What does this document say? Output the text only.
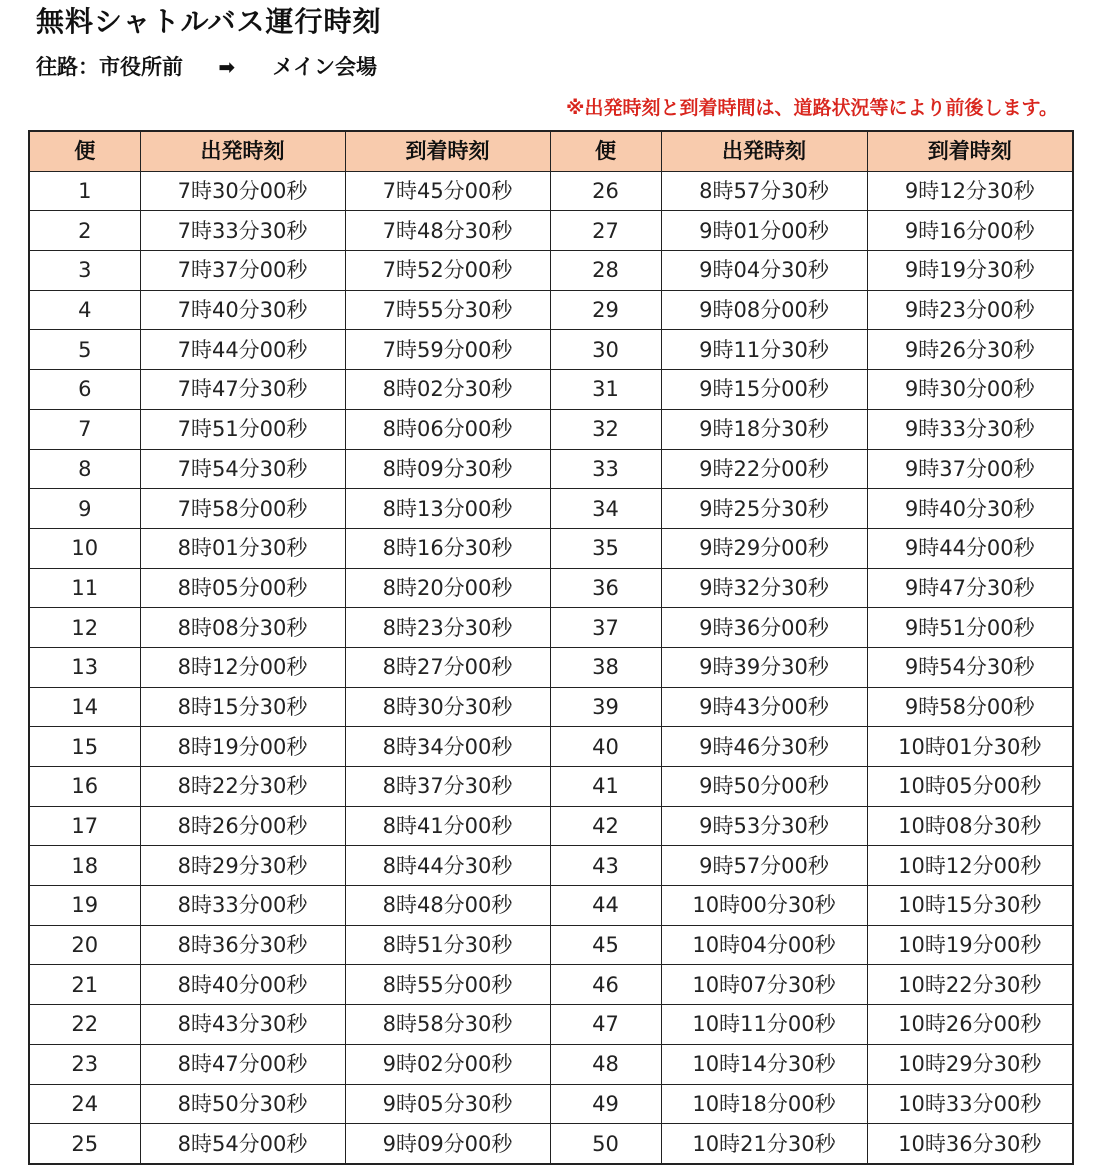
無料シャトルバス運行時刻
往路：市役所前 ➡ メイン会場
※出発時刻と到着時間は、道路状況等により前後します。
便	出発時刻	到着時刻	便	出発時刻	到着時刻
1	7時30分00秒	7時45分00秒	26	8時57分30秒	9時12分30秒
2	7時33分30秒	7時48分30秒	27	9時01分00秒	9時16分00秒
3	7時37分00秒	7時52分00秒	28	9時04分30秒	9時19分30秒
4	7時40分30秒	7時55分30秒	29	9時08分00秒	9時23分00秒
5	7時44分00秒	7時59分00秒	30	9時11分30秒	9時26分30秒
6	7時47分30秒	8時02分30秒	31	9時15分00秒	9時30分00秒
7	7時51分00秒	8時06分00秒	32	9時18分30秒	9時33分30秒
8	7時54分30秒	8時09分30秒	33	9時22分00秒	9時37分00秒
9	7時58分00秒	8時13分00秒	34	9時25分30秒	9時40分30秒
10	8時01分30秒	8時16分30秒	35	9時29分00秒	9時44分00秒
11	8時05分00秒	8時20分00秒	36	9時32分30秒	9時47分30秒
12	8時08分30秒	8時23分30秒	37	9時36分00秒	9時51分00秒
13	8時12分00秒	8時27分00秒	38	9時39分30秒	9時54分30秒
14	8時15分30秒	8時30分30秒	39	9時43分00秒	9時58分00秒
15	8時19分00秒	8時34分00秒	40	9時46分30秒	10時01分30秒
16	8時22分30秒	8時37分30秒	41	9時50分00秒	10時05分00秒
17	8時26分00秒	8時41分00秒	42	9時53分30秒	10時08分30秒
18	8時29分30秒	8時44分30秒	43	9時57分00秒	10時12分00秒
19	8時33分00秒	8時48分00秒	44	10時00分30秒	10時15分30秒
20	8時36分30秒	8時51分30秒	45	10時04分00秒	10時19分00秒
21	8時40分00秒	8時55分00秒	46	10時07分30秒	10時22分30秒
22	8時43分30秒	8時58分30秒	47	10時11分00秒	10時26分00秒
23	8時47分00秒	9時02分00秒	48	10時14分30秒	10時29分30秒
24	8時50分30秒	9時05分30秒	49	10時18分00秒	10時33分00秒
25	8時54分00秒	9時09分00秒	50	10時21分30秒	10時36分30秒
